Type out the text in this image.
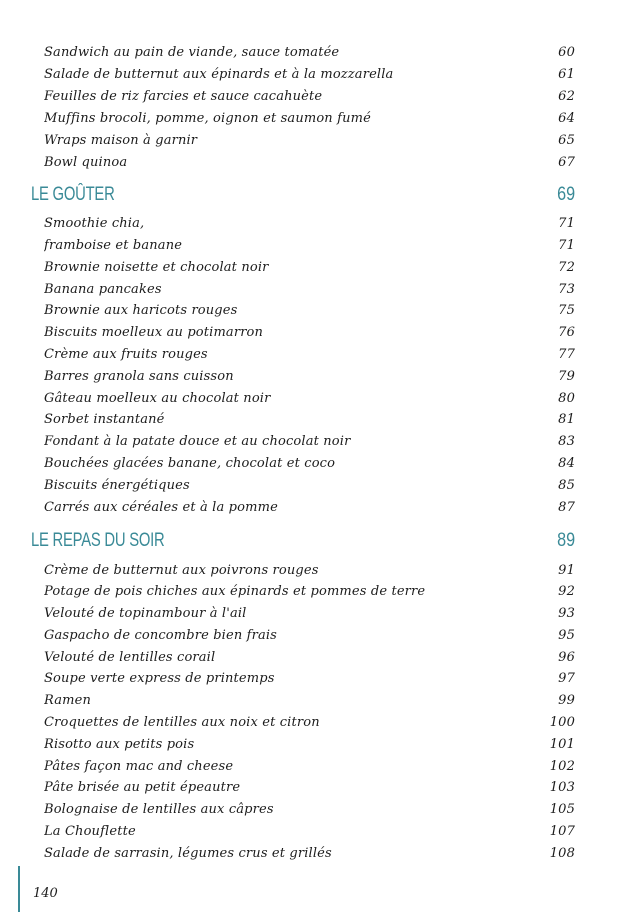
Sandwich au pain de viande, sauce tomatée	60
Salade de butternut aux épinards et à la mozzarella	61
Feuilles de riz farcies et sauce cacahuète	62
Muffins brocoli, pomme, oignon et saumon fumé	64
Wraps maison à garnir	65
Bowl quinoa	67
LE GOÛTER	69
Smoothie chia,	71
framboise et banane	71
Brownie noisette et chocolat noir	72
Banana pancakes	73
Brownie aux haricots rouges	75
Biscuits moelleux au potimarron	76
Crème aux fruits rouges	77
Barres granola sans cuisson	79
Gâteau moelleux au chocolat noir	80
Sorbet instantané	81
Fondant à la patate douce et au chocolat noir	83
Bouchées glacées banane, chocolat et coco	84
Biscuits énergétiques	85
Carrés aux céréales et à la pomme	87
LE REPAS DU SOIR	89
Crème de butternut aux poivrons rouges	91
Potage de pois chiches aux épinards et pommes de terre	92
Velouté de topinambour à l'ail	93
Gaspacho de concombre bien frais	95
Velouté de lentilles corail	96
Soupe verte express de printemps	97
Ramen	99
Croquettes de lentilles aux noix et citron	100
Risotto aux petits pois	101
Pâtes façon mac and cheese	102
Pâte brisée au petit épeautre	103
Bolognaise de lentilles aux câpres	105
La Chouflette	107
Salade de sarrasin, légumes crus et grillés	108
140
